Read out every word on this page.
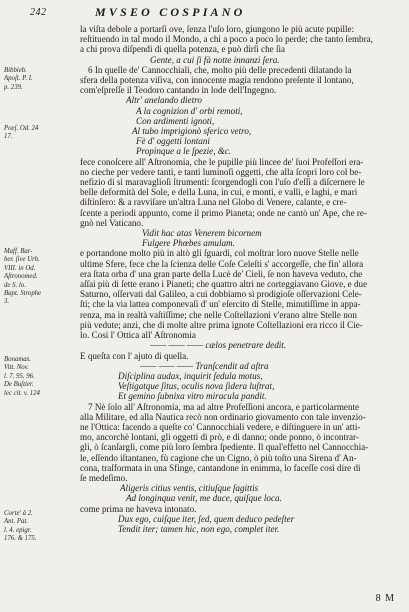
242	MVSEO COSPIANO
Bibbieb.
Apoſt. P. I.
p. 239.
Poeſ. Od. 24
17.
Maff. Bar-
ber. ſive Urb.
VIII. in Od.
Aſtronomed.
de S. lo.
Bapt. Strophe
3.
Bonamas.
Vitt. Nov.
l. 7. 95. 96.
De Buſtier.
lec cit. v. 124
Corte' à 2.
Ant. Pat.
l. 4. epigr.
176. & 175.
la viſta debole a portarſi ove, ſenza l'uſo loro, giungono le più acute pupille:
reſtituendo in tal modo il Mondo, a chi a poco a poco lo perde; che tanto ſembra,
a chi prova diſpendi di quella potenza, e può dirſi che ſia
Gente, a cui ſi fà notte innanzi ſera.
6 In quelle de' Cannocchiali, che, molto più delle precedenti dilatando la
sfera della potenza viſiva, con innocente magia rendono preſente il lontano,
com'eſpreſſe il Teodoro cantando in lode dell'Ingegno.
Altr' anelando dietro
A la cognizion d' orbi remoti,
Con ardimenti ignoti,
Al tubo imprigionò sferico vetro,
Fè d' oggetti lontani
Propinque a le ſpezie, &c.
fece conoſcere all' Aſtronomia, che le pupille più lincee de' ſuoi Profeſſori era-
no cieche per vedere tanti, e tanti luminoſi oggetti, che alla ſcopri loro col be-
nefizio di sì maravaglioſi ſtrumenti: ſcorgendogli con l'uſo d'eſſi a diſcernere le
belle deformità del Sole, e della Luna, in cui, e monti, e valli, e laghi, e mari
diſtinſero: & a ravviſare un'altra Luna nel Globo di Venere, calante, e cre-
ſcente a periodi appunto, come il primo Pianeta; onde ne cantò un' Ape, che re-
gnò nel Vaticano.
Vidit hac atas Venerem bicornem
Fulgere Phœbes amulam.
e portandone molto più in altò gli ſguardi, col moſtrar loro nuove Stelle nelle
ultime Sfere, fece che la ſcienza delle Coſe Celeſti s' accorgeſſe, che fin' allora
era ſtata orba d' una gran parte della Lucè de' Cieli, ſe non haveva veduto, che
aſſai più di ſette erano i Pianeti; che quattro altri ne corteggiavano Giove, e due
Saturno, oſſervati dal Galileo, a cui dobbiamo sì prodigioſe oſſervazioni Cele-
ſti; che la via lattea componevaſi d' un' eſercito di Stelle, minutiſſime in appa-
renza, ma in realtà vaſtiſſime; che nelle Coſtellazioni v'erano altre Stelle non
più vedute; anzi, che di molte altre prima ignote Coſtellazioni era ricco il Cie-
lo. Così l' Ottica all' Aſtronomia
—— —— —— cælos penetrare dedit.
E queſta con l' ajuto di quella.
—— —— —— Tranſcendit ad aſtra
Diſciplina audax, inquirit ſedula motus,
Veſtigatque ſitus, oculis nova ſidera luſtrat,
Et gemino ſubnixa vitro miracula pandit.
7 Nè ſolo all' Aſtronomia, ma ad altre Profeſſioni ancora, e particolarmente
alla Militare, ed alla Nautica recò non ordinario giovamento con tale invenzio-
ne l'Ottica: facendo a queſte co' Cannocchiali vedere, e diſtinguere in un' atti-
mo, ancorchè lontani, gli oggetti di prò, e di danno; onde ponno, ò incontrar-
gli, ò ſcanſargli, come più loro ſembra ſpediente. Il qual'effetto nel Cannocchia-
le, eſſendo iſtantaneo, fù cagione che un Cigno, ò più toſto una Sirena d' An-
cona, traſformata in una Sfinge, cantandone in enimma, lo faceſſe così dire di
ſe medeſimo.
Aligeris citius ventis, citiuſque ſagittis
Ad longinqua venit, me duce, quiſque loca.
come prima ne haveva intonato.
Dux ego, cuiſque iter, ſed, quem deduco pedeſter
Tendit iter; tamen hic, non ego, complet iter.
8 M
